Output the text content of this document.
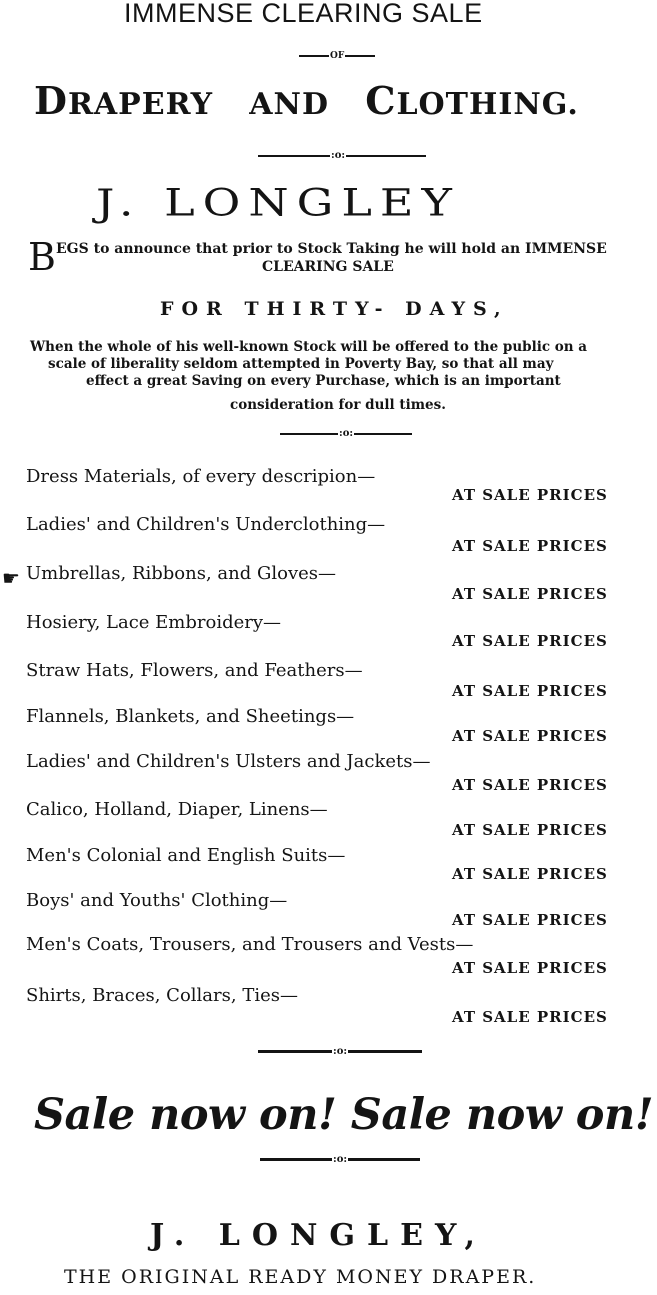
IMMENSE CLEARING SALE
OF
DRAPERY AND CLOTHING.
:o:
J. LONGLEY
B EGS to announce that prior to Stock Taking he will hold an IMMENSE
CLEARING SALE
FOR THIRTY- DAYS,
When the whole of his well-known Stock will be offered to the public on a
scale of liberality seldom attempted in Poverty Bay, so that all may
effect a great Saving on every Purchase, which is an important
consideration for dull times.
:o:
☛
Dress Materials, of every descripion—
AT SALE PRICES
Ladies' and Children's Underclothing—
AT SALE PRICES
Umbrellas, Ribbons, and Gloves—
AT SALE PRICES
Hosiery, Lace Embroidery—
AT SALE PRICES
Straw Hats, Flowers, and Feathers—
AT SALE PRICES
Flannels, Blankets, and Sheetings—
AT SALE PRICES
Ladies' and Children's Ulsters and Jackets—
AT SALE PRICES
Calico, Holland, Diaper, Linens—
AT SALE PRICES
Men's Colonial and English Suits—
AT SALE PRICES
Boys' and Youths' Clothing—
AT SALE PRICES
Men's Coats, Trousers, and Trousers and Vests—
AT SALE PRICES
Shirts, Braces, Collars, Ties—
AT SALE PRICES
:o:
Sale now on! Sale now on!
:o:
J. LONGLEY,
THE ORIGINAL READY MONEY DRAPER.
